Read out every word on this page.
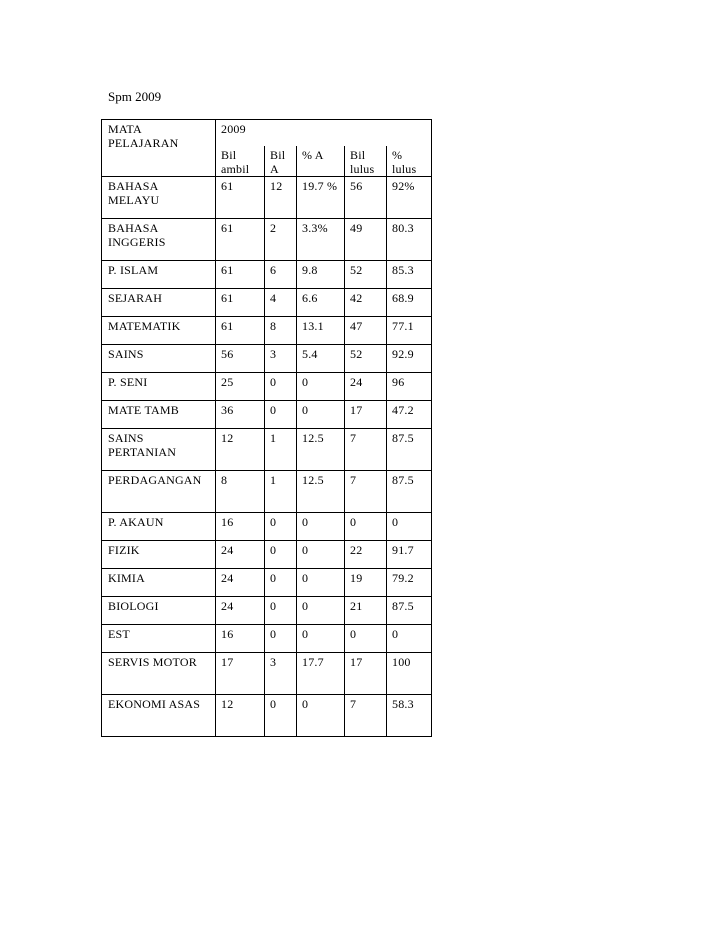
Spm 2009
MATA PELAJARAN	2009				
	Bil ambil	Bil A	% A	Bil lulus	% lulus
BAHASA MELAYU	61	12	19.7 %	56	92%
BAHASA INGGERIS	61	2	3.3%	49	80.3
P. ISLAM	61	6	9.8	52	85.3
SEJARAH	61	4	6.6	42	68.9
MATEMATIK	61	8	13.1	47	77.1
SAINS	56	3	5.4	52	92.9
P. SENI	25	0	0	24	96
MATE TAMB	36	0	0	17	47.2
SAINS PERTANIAN	12	1	12.5	7	87.5
PERDAGANGAN	8	1	12.5	7	87.5
P. AKAUN	16	0	0	0	0
FIZIK	24	0	0	22	91.7
KIMIA	24	0	0	19	79.2
BIOLOGI	24	0	0	21	87.5
EST	16	0	0	0	0
SERVIS MOTOR	17	3	17.7	17	100
EKONOMI ASAS	12	0	0	7	58.3
